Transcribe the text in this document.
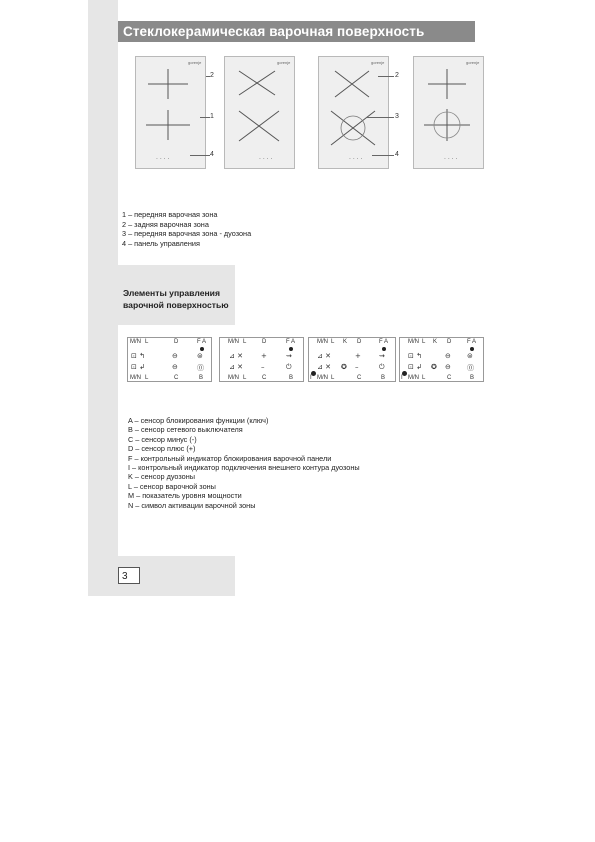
Стеклокерамическая варочная поверхность
gorenje
· · · ·
gorenje
· · · ·
2
1
4
gorenje
· · · ·
gorenje
· · · ·
2
3
4
1 – передняя варочная зона
2 – задняя варочная зона
3 – передняя варочная зона - дуозона
4 – панель управления
Элементы управления варочной поверхностью
M/N L	D	F A
⊡ ↰
⊡ ↲
⊖
⊖
⊜
⓪
M/N L	C	B
M/N L	D	F A
⊿ ✕
⊿ ✕
+
–
⇝
⏻
M/N L	C	B
M/N L K D	F A
⊿ ✕
⊿ ✕ ✪
+
–
⇝
⏻
I M/N L	C	B
M/N L K D	F A
⊡ ↰
⊡ ↲ ✪
⊖
⊖
⊜
⓪
I M/N L	C	B
A – сенсор блокирования функции (ключ)
B – сенсор сетевого выключателя
C – сенсор минус (-)
D – сенсор плюс (+)
F – контрольный индикатор блокирования варочной панели
I – контрольный индикатор подключения внешнего контура дуозоны
K – сенсор дуозоны
L – сенсор варочной зоны
M – показатель уровня мощности
N – символ активации варочной зоны
3
